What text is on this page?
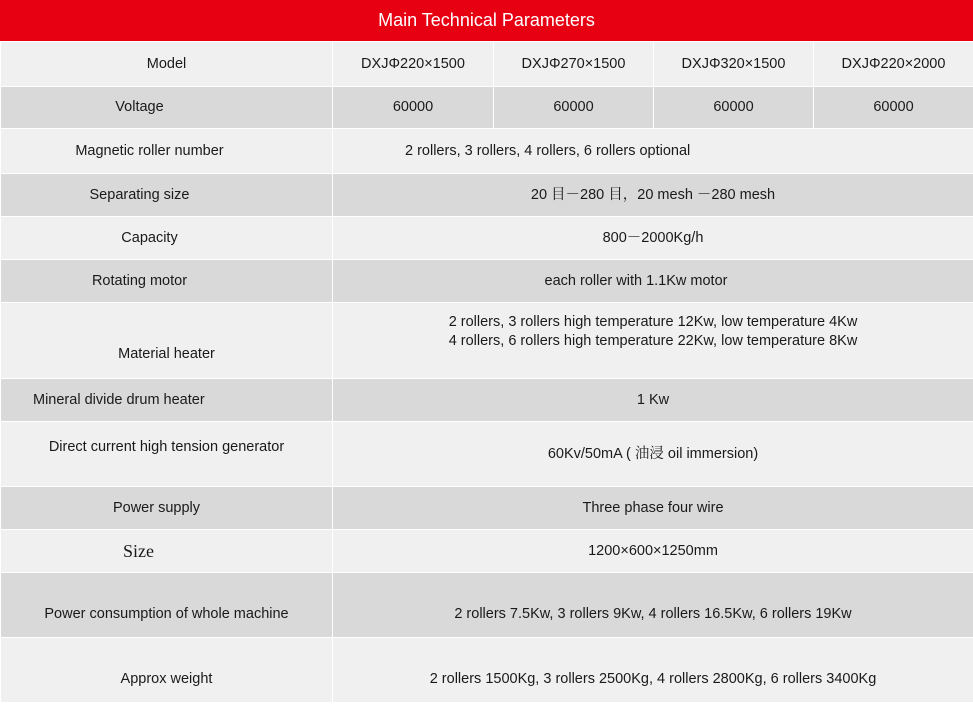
Main Technical Parameters
Model	DXJΦ220×1500	DXJΦ270×1500	DXJΦ320×1500	DXJΦ220×2000
Voltage	60000	60000	60000	60000
Magnetic roller number	2 rollers, 3 rollers, 4 rollers, 6 rollers optional			
Separating size	20 目－280 目，20 mesh －280 mesh			
Capacity	800－2000Kg/h			
Rotating motor	each roller with 1.1Kw motor			
Material heater	2 rollers, 3 rollers high temperature 12Kw, low temperature 4Kw
4 rollers, 6 rollers high temperature 22Kw, low temperature 8Kw			

Mineral divide drum heater	1 Kw			
Direct current high tension generator	60Kv/50mA ( 油浸 oil immersion)			
Power supply	Three phase four wire			
Size	1200×600×1250mm			
Power consumption of whole machine	2 rollers 7.5Kw, 3 rollers 9Kw, 4 rollers 16.5Kw, 6 rollers 19Kw			
Approx weight	2 rollers 1500Kg, 3 rollers 2500Kg, 4 rollers 2800Kg, 6 rollers 3400Kg			
